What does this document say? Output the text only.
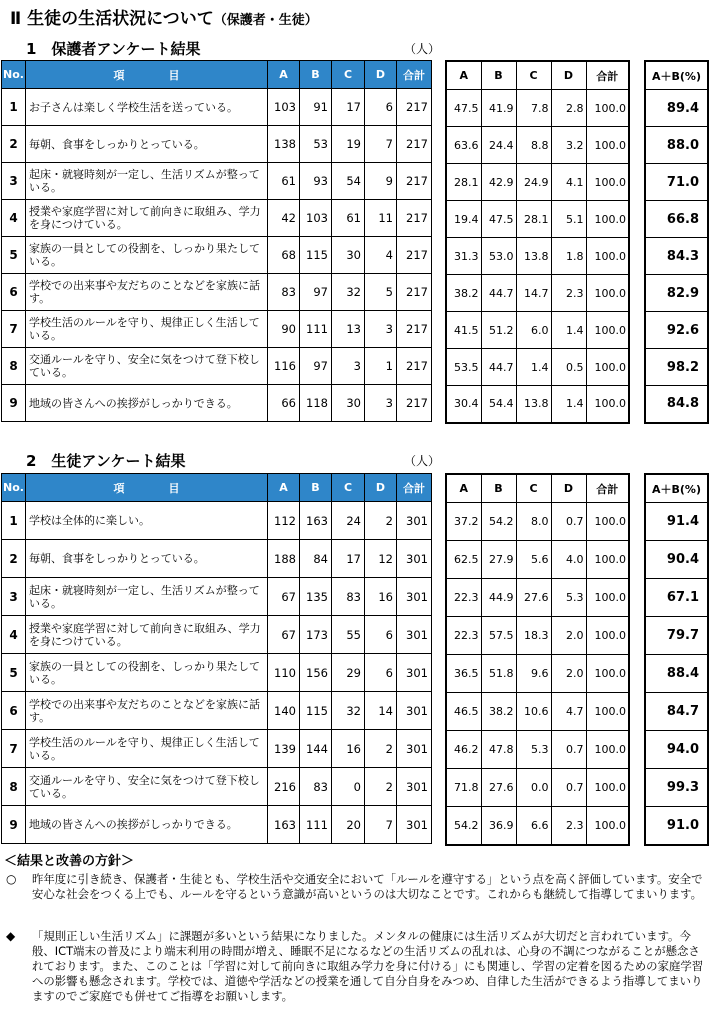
Ⅱ 生徒の生活状況について（保護者・生徒）
1　保護者アンケート結果	（人）
No.	項　　　　目	A	B	C	D	合計
1	お子さんは楽しく学校生活を送っている。	103	91	17	6	217
2	毎朝、食事をしっかりとっている。	138	53	19	7	217
3	起床・就寝時刻が一定し、生活リズムが整っている。	61	93	54	9	217
4	授業や家庭学習に対して前向きに取組み、学力を身につけている。	42	103	61	11	217
5	家族の一員としての役割を、しっかり果たしている。	68	115	30	4	217
6	学校での出来事や友だちのことなどを家族に話す。	83	97	32	5	217
7	学校生活のルールを守り、規律正しく生活している。	90	111	13	3	217
8	交通ルールを守り、安全に気をつけて登下校している。	116	97	3	1	217
9	地域の皆さんへの挨拶がしっかりできる。	66	118	30	3	217
A	B	C	D	合計
47.5	41.9	7.8	2.8	100.0
63.6	24.4	8.8	3.2	100.0
28.1	42.9	24.9	4.1	100.0
19.4	47.5	28.1	5.1	100.0
31.3	53.0	13.8	1.8	100.0
38.2	44.7	14.7	2.3	100.0
41.5	51.2	6.0	1.4	100.0
53.5	44.7	1.4	0.5	100.0
30.4	54.4	13.8	1.4	100.0
A＋B(%)
89.4
88.0
71.0
66.8
84.3
82.9
92.6
98.2
84.8
2　生徒アンケート結果	（人）
No.	項　　　　目	A	B	C	D	合計
1	学校は全体的に楽しい。	112	163	24	2	301
2	毎朝、食事をしっかりとっている。	188	84	17	12	301
3	起床・就寝時刻が一定し、生活リズムが整っている。	67	135	83	16	301
4	授業や家庭学習に対して前向きに取組み、学力を身につけている。	67	173	55	6	301
5	家族の一員としての役割を、しっかり果たしている。	110	156	29	6	301
6	学校での出来事や友だちのことなどを家族に話す。	140	115	32	14	301
7	学校生活のルールを守り、規律正しく生活している。	139	144	16	2	301
8	交通ルールを守り、安全に気をつけて登下校している。	216	83	0	2	301
9	地域の皆さんへの挨拶がしっかりできる。	163	111	20	7	301
A	B	C	D	合計
37.2	54.2	8.0	0.7	100.0
62.5	27.9	5.6	4.0	100.0
22.3	44.9	27.6	5.3	100.0
22.3	57.5	18.3	2.0	100.0
36.5	51.8	9.6	2.0	100.0
46.5	38.2	10.6	4.7	100.0
46.2	47.8	5.3	0.7	100.0
71.8	27.6	0.0	0.7	100.0
54.2	36.9	6.6	2.3	100.0
A＋B(%)
91.4
90.4
67.1
79.7
88.4
84.7
94.0
99.3
91.0
＜結果と改善の方針＞
○ 昨年度に引き続き、保護者・生徒とも、学校生活や交通安全において「ルールを遵守する」という点を高く評価しています。安全で安心な社会をつくる上でも、ルールを守るという意識が高いというのは大切なことです。これからも継続して指導してまいります。
◆ 「規則正しい生活リズム」に課題が多いという結果になりました。メンタルの健康には生活リズムが大切だと言われています。今般、ICT端末の普及により端末利用の時間が増え、睡眠不足になるなどの生活リズムの乱れは、心身の不調につながることが懸念されております。また、このことは「学習に対して前向きに取組み学力を身に付ける」にも関連し、学習の定着を図るための家庭学習への影響も懸念されます。学校では、道徳や学活などの授業を通して自分自身をみつめ、自律した生活ができるよう指導してまいりますのでご家庭でも併せてご指導をお願いします。
